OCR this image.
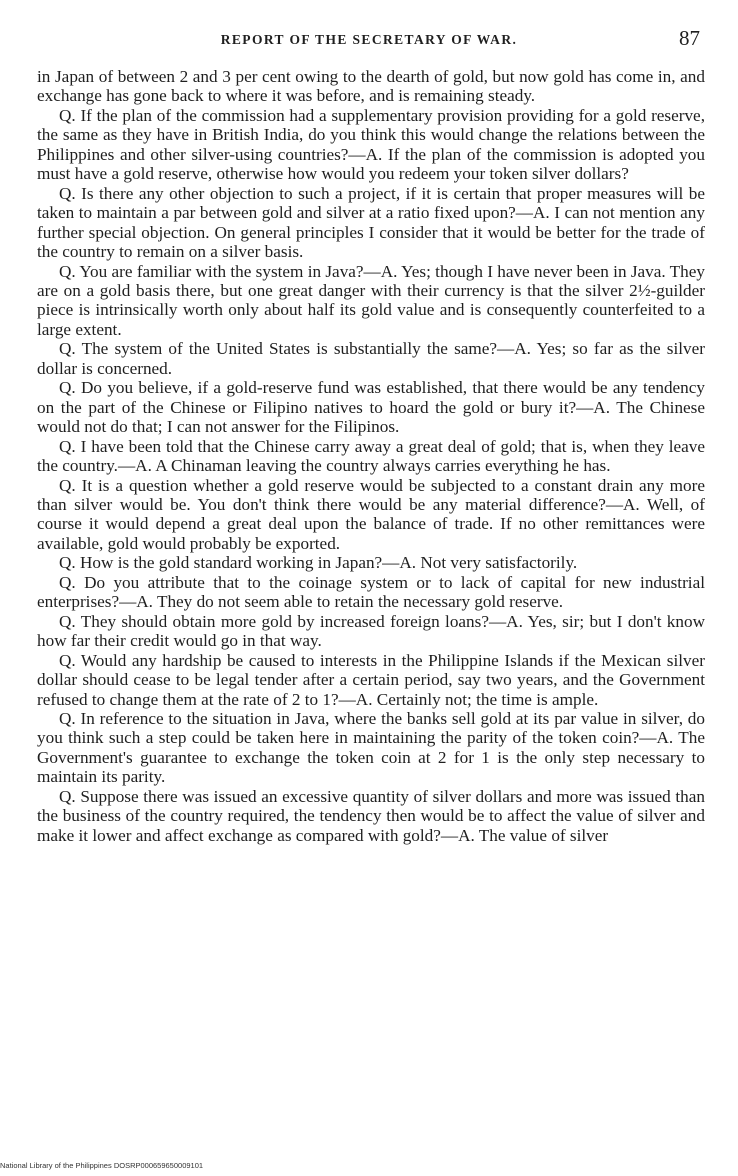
REPORT OF THE SECRETARY OF WAR.	87

in Japan of between 2 and 3 per cent owing to the dearth of gold, but now gold has come in, and exchange has gone back to where it was before, and is remaining steady.

Q. If the plan of the commission had a supplementary provision providing for a gold reserve, the same as they have in British India, do you think this would change the relations between the Philippines and other silver-using countries?—A. If the plan of the commission is adopted you must have a gold reserve, otherwise how would you redeem your token silver dollars?

Q. Is there any other objection to such a project, if it is certain that proper measures will be taken to maintain a par between gold and silver at a ratio fixed upon?—A. I can not mention any further special objection. On general principles I consider that it would be better for the trade of the country to remain on a silver basis.

Q. You are familiar with the system in Java?—A. Yes; though I have never been in Java. They are on a gold basis there, but one great danger with their currency is that the silver 2½-guilder piece is intrinsically worth only about half its gold value and is consequently counterfeited to a large extent.

Q. The system of the United States is substantially the same?—A. Yes; so far as the silver dollar is concerned.

Q. Do you believe, if a gold-reserve fund was established, that there would be any tendency on the part of the Chinese or Filipino natives to hoard the gold or bury it?—A. The Chinese would not do that; I can not answer for the Filipinos.

Q. I have been told that the Chinese carry away a great deal of gold; that is, when they leave the country.—A. A Chinaman leaving the country always carries everything he has.

Q. It is a question whether a gold reserve would be subjected to a constant drain any more than silver would be. You don't think there would be any material difference?—A. Well, of course it would depend a great deal upon the balance of trade. If no other remittances were available, gold would probably be exported.

Q. How is the gold standard working in Japan?—A. Not very satisfactorily.

Q. Do you attribute that to the coinage system or to lack of capital for new industrial enterprises?—A. They do not seem able to retain the necessary gold reserve.

Q. They should obtain more gold by increased foreign loans?—A. Yes, sir; but I don't know how far their credit would go in that way.

Q. Would any hardship be caused to interests in the Philippine Islands if the Mexican silver dollar should cease to be legal tender after a certain period, say two years, and the Government refused to change them at the rate of 2 to 1?—A. Certainly not; the time is ample.

Q. In reference to the situation in Java, where the banks sell gold at its par value in silver, do you think such a step could be taken here in maintaining the parity of the token coin?—A. The Government's guarantee to exchange the token coin at 2 for 1 is the only step necessary to maintain its parity.

Q. Suppose there was issued an excessive quantity of silver dollars and more was issued than the business of the country required, the tendency then would be to affect the value of silver and make it lower and affect exchange as compared with gold?—A. The value of silver

National Library of the Philippines DOSRP000659650009101
